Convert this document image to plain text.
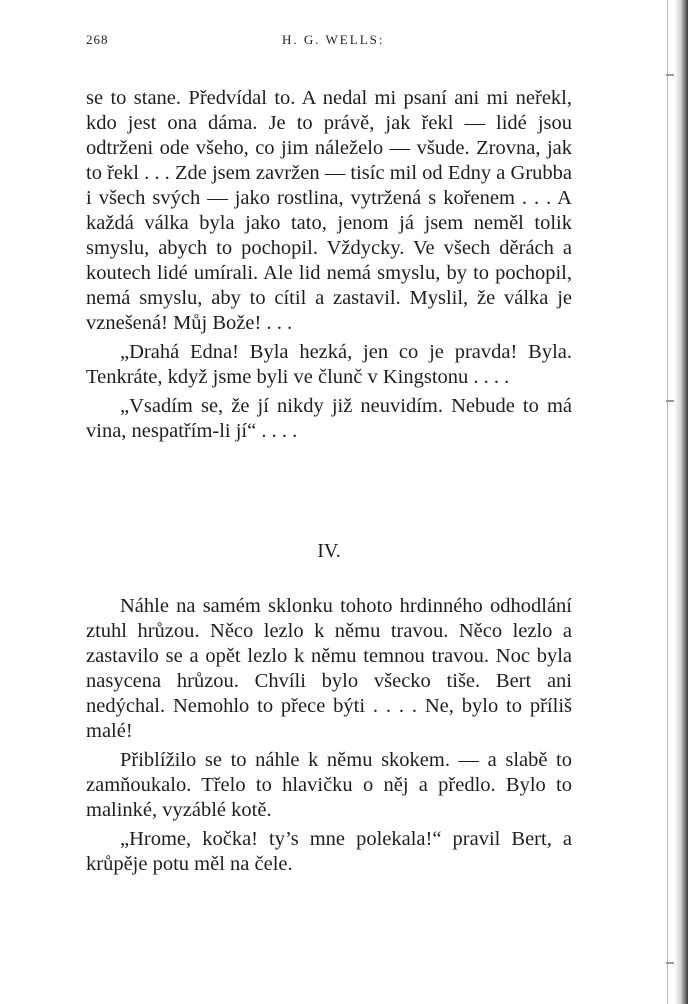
268	H. G. WELLS:

se to stane. Předvídal to. A nedal mi psaní ani mi neřekl, kdo jest ona dáma. Je to právě, jak řekl — lidé jsou odtrženi ode všeho, co jim náleželo — všude. Zrovna, jak to řekl . . . Zde jsem zavržen — tisíc mil od Edny a Grubba i všech svých — jako rostlina, vytržená s kořenem . . . A každá válka byla jako tato, jenom já jsem neměl tolik smyslu, abych to pochopil. Vždycky. Ve všech děrách a koutech lidé umírali. Ale lid nemá smyslu, by to pochopil, nemá smyslu, aby to cítil a zastavil. Myslil, že válka je vznešená! Můj Bože! . . .

„Drahá Edna! Byla hezká, jen co je pravda! Byla. Tenkráte, když jsme byli ve člunč v Kingstonu . . . .

„Vsadím se, že jí nikdy již neuvidím. Nebude to má vina, nespatřím-li jí“ . . . .

IV.

Náhle na samém sklonku tohoto hrdinného odhodlání ztuhl hrůzou. Něco lezlo k němu travou. Něco lezlo a zastavilo se a opět lezlo k němu temnou travou. Noc byla nasycena hrůzou. Chvíli bylo všecko tiše. Bert ani nedýchal. Nemohlo to přece býti . . . . Ne, bylo to příliš malé!

Přiblížilo se to náhle k němu skokem. — a slabě to zamňoukalo. Třelo to hlavičku o něj a předlo. Bylo to malinké, vyzáblé kotě.

„Hrome, kočka! ty’s mne polekala!“ pravil Bert, a krůpěje potu měl na čele.
